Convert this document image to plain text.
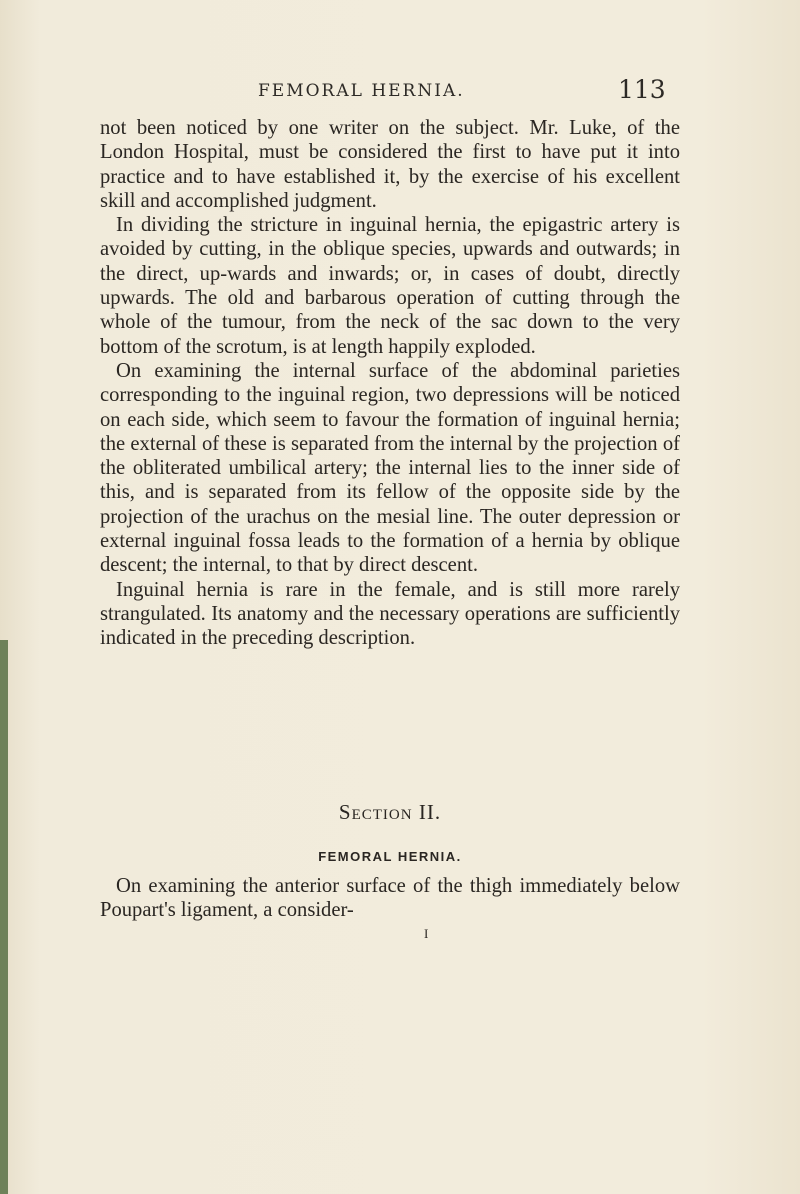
FEMORAL HERNIA.	113

not been noticed by one writer on the subject. Mr. Luke, of the London Hospital, must be considered the first to have put it into practice and to have established it, by the exercise of his excellent skill and accomplished judgment.

In dividing the stricture in inguinal hernia, the epigastric artery is avoided by cutting, in the oblique species, upwards and outwards; in the direct, up-wards and inwards; or, in cases of doubt, directly upwards. The old and barbarous operation of cutting through the whole of the tumour, from the neck of the sac down to the very bottom of the scrotum, is at length happily exploded.

On examining the internal surface of the abdominal parieties corresponding to the inguinal region, two depressions will be noticed on each side, which seem to favour the formation of inguinal hernia; the external of these is separated from the internal by the projection of the obliterated umbilical artery; the internal lies to the inner side of this, and is separated from its fellow of the opposite side by the projection of the urachus on the mesial line. The outer depression or external inguinal fossa leads to the formation of a hernia by oblique descent; the internal, to that by direct descent.

Inguinal hernia is rare in the female, and is still more rarely strangulated. Its anatomy and the necessary operations are sufficiently indicated in the preceding description.

Section II.
FEMORAL HERNIA.

On examining the anterior surface of the thigh immediately below Poupart's ligament, a consider-

I
